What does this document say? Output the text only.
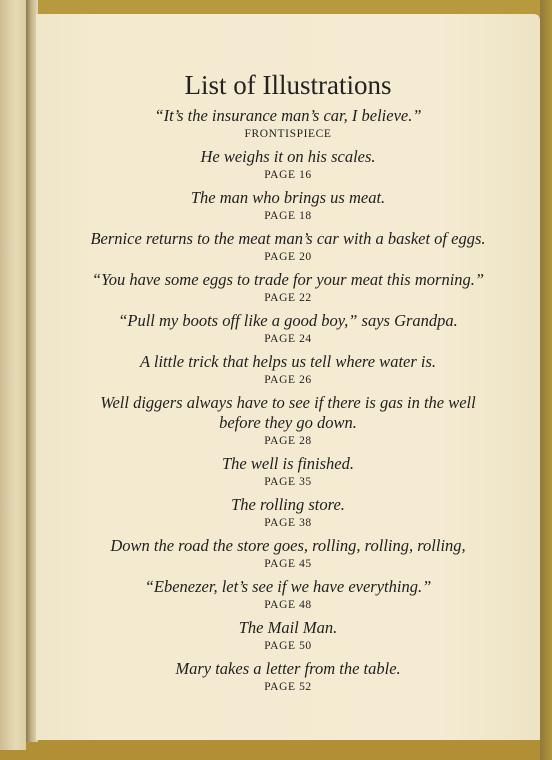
List of Illustrations
“It’s the insurance man’s car, I believe.”
FRONTISPIECE
He weighs it on his scales.
PAGE 16
The man who brings us meat.
PAGE 18
Bernice returns to the meat man’s car with a basket of eggs.
PAGE 20
“You have some eggs to trade for your meat this morning.”
PAGE 22
“Pull my boots off like a good boy,” says Grandpa.
PAGE 24
A little trick that helps us tell where water is.
PAGE 26
Well diggers always have to see if there is gas in the well
before they go down.
PAGE 28
The well is finished.
PAGE 35
The rolling store.
PAGE 38
Down the road the store goes, rolling, rolling, rolling,
PAGE 45
“Ebenezer, let’s see if we have everything.”
PAGE 48
The Mail Man.
PAGE 50
Mary takes a letter from the table.
PAGE 52
